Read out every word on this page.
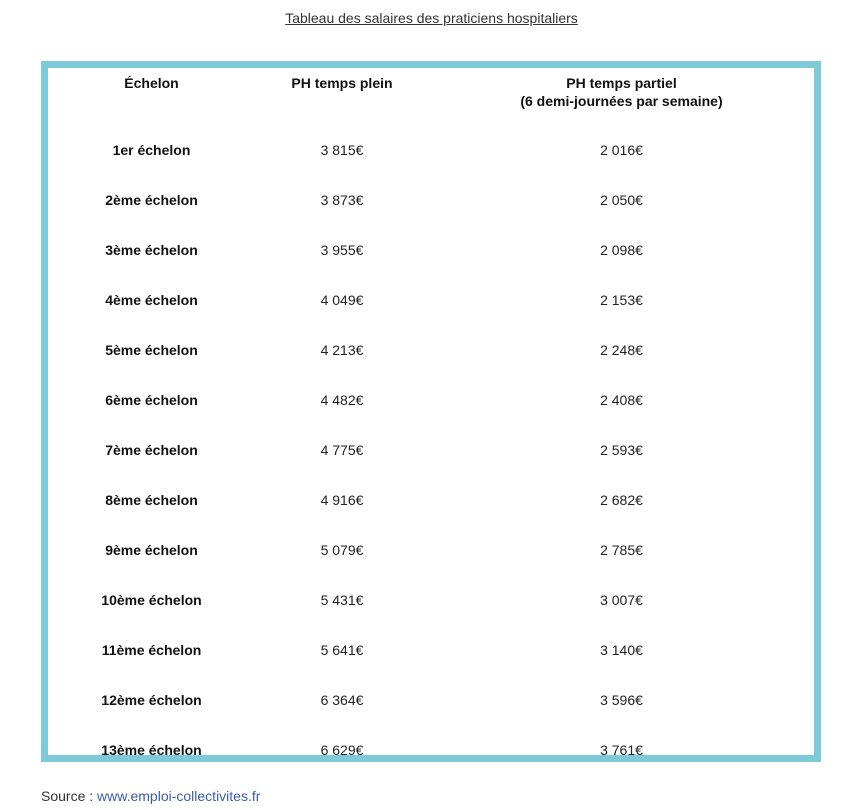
Tableau des salaires des praticiens hospitaliers
Échelon	PH temps plein	PH temps partiel
(6 demi-journées par semaine)
1er échelon	3 815€	2 016€
2ème échelon	3 873€	2 050€
3ème échelon	3 955€	2 098€
4ème échelon	4 049€	2 153€
5ème échelon	4 213€	2 248€
6ème échelon	4 482€	2 408€
7ème échelon	4 775€	2 593€
8ème échelon	4 916€	2 682€
9ème échelon	5 079€	2 785€
10ème échelon	5 431€	3 007€
11ème échelon	5 641€	3 140€
12ème échelon	6 364€	3 596€
13ème échelon	6 629€	3 761€
Source : www.emploi-collectivites.fr
